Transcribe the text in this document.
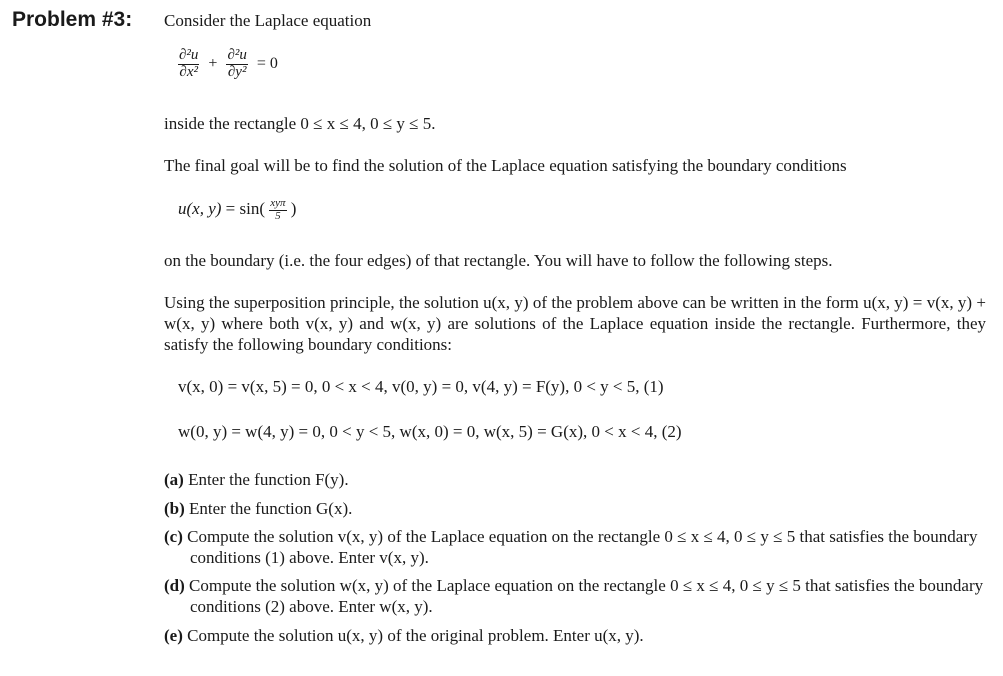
Problem #3: Consider the Laplace equation
$\frac{\text{∂²u}}{\text{∂x²}} + \frac{\text{∂²u}}{\text{∂y²}} = 0$
inside the rectangle 0 ≤ x ≤ 4, 0 ≤ y ≤ 5.
The final goal will be to find the solution of the Laplace equation satisfying the boundary conditions
u(x, $y) = \sin( \frac{\text{xyπ}}{5}$ )
on the boundary (i.e. the four edges) of that rectangle. You will have to follow the following steps.
Using the superposition principle, the solution u(x, y) of the problem above can be written in the form u(x, y) = v(x, y) + w(x, y) where both v(x, y) and w(x, y) are solutions of the Laplace equation inside the rectangle. Furthermore, they satisfy the following boundary conditions:
v(x, 0) = v(x, 5) = 0, 0 < x < 4, v(0, y) = 0, v(4, y) = F(y), 0 < y < 5, (1)
w(0, y) = w(4, y) = 0, 0 < y < 5, w(x, 0) = 0, w(x, 5) = G(x), 0 < x < 4, (2)
(a) Enter the function F(y).
(b) Enter the function G(x).
(c) Compute the solution v(x, y) of the Laplace equation on the rectangle 0 ≤ x ≤ 4, 0 ≤ y ≤ 5 that satisfies the boundary conditions (1) above. Enter v(x, y).
(d) Compute the solution w(x, y) of the Laplace equation on the rectangle 0 ≤ x ≤ 4, 0 ≤ y ≤ 5 that satisfies the boundary conditions (2) above. Enter w(x, y).
(e) Compute the solution u(x, y) of the original problem. Enter u(x, y).
